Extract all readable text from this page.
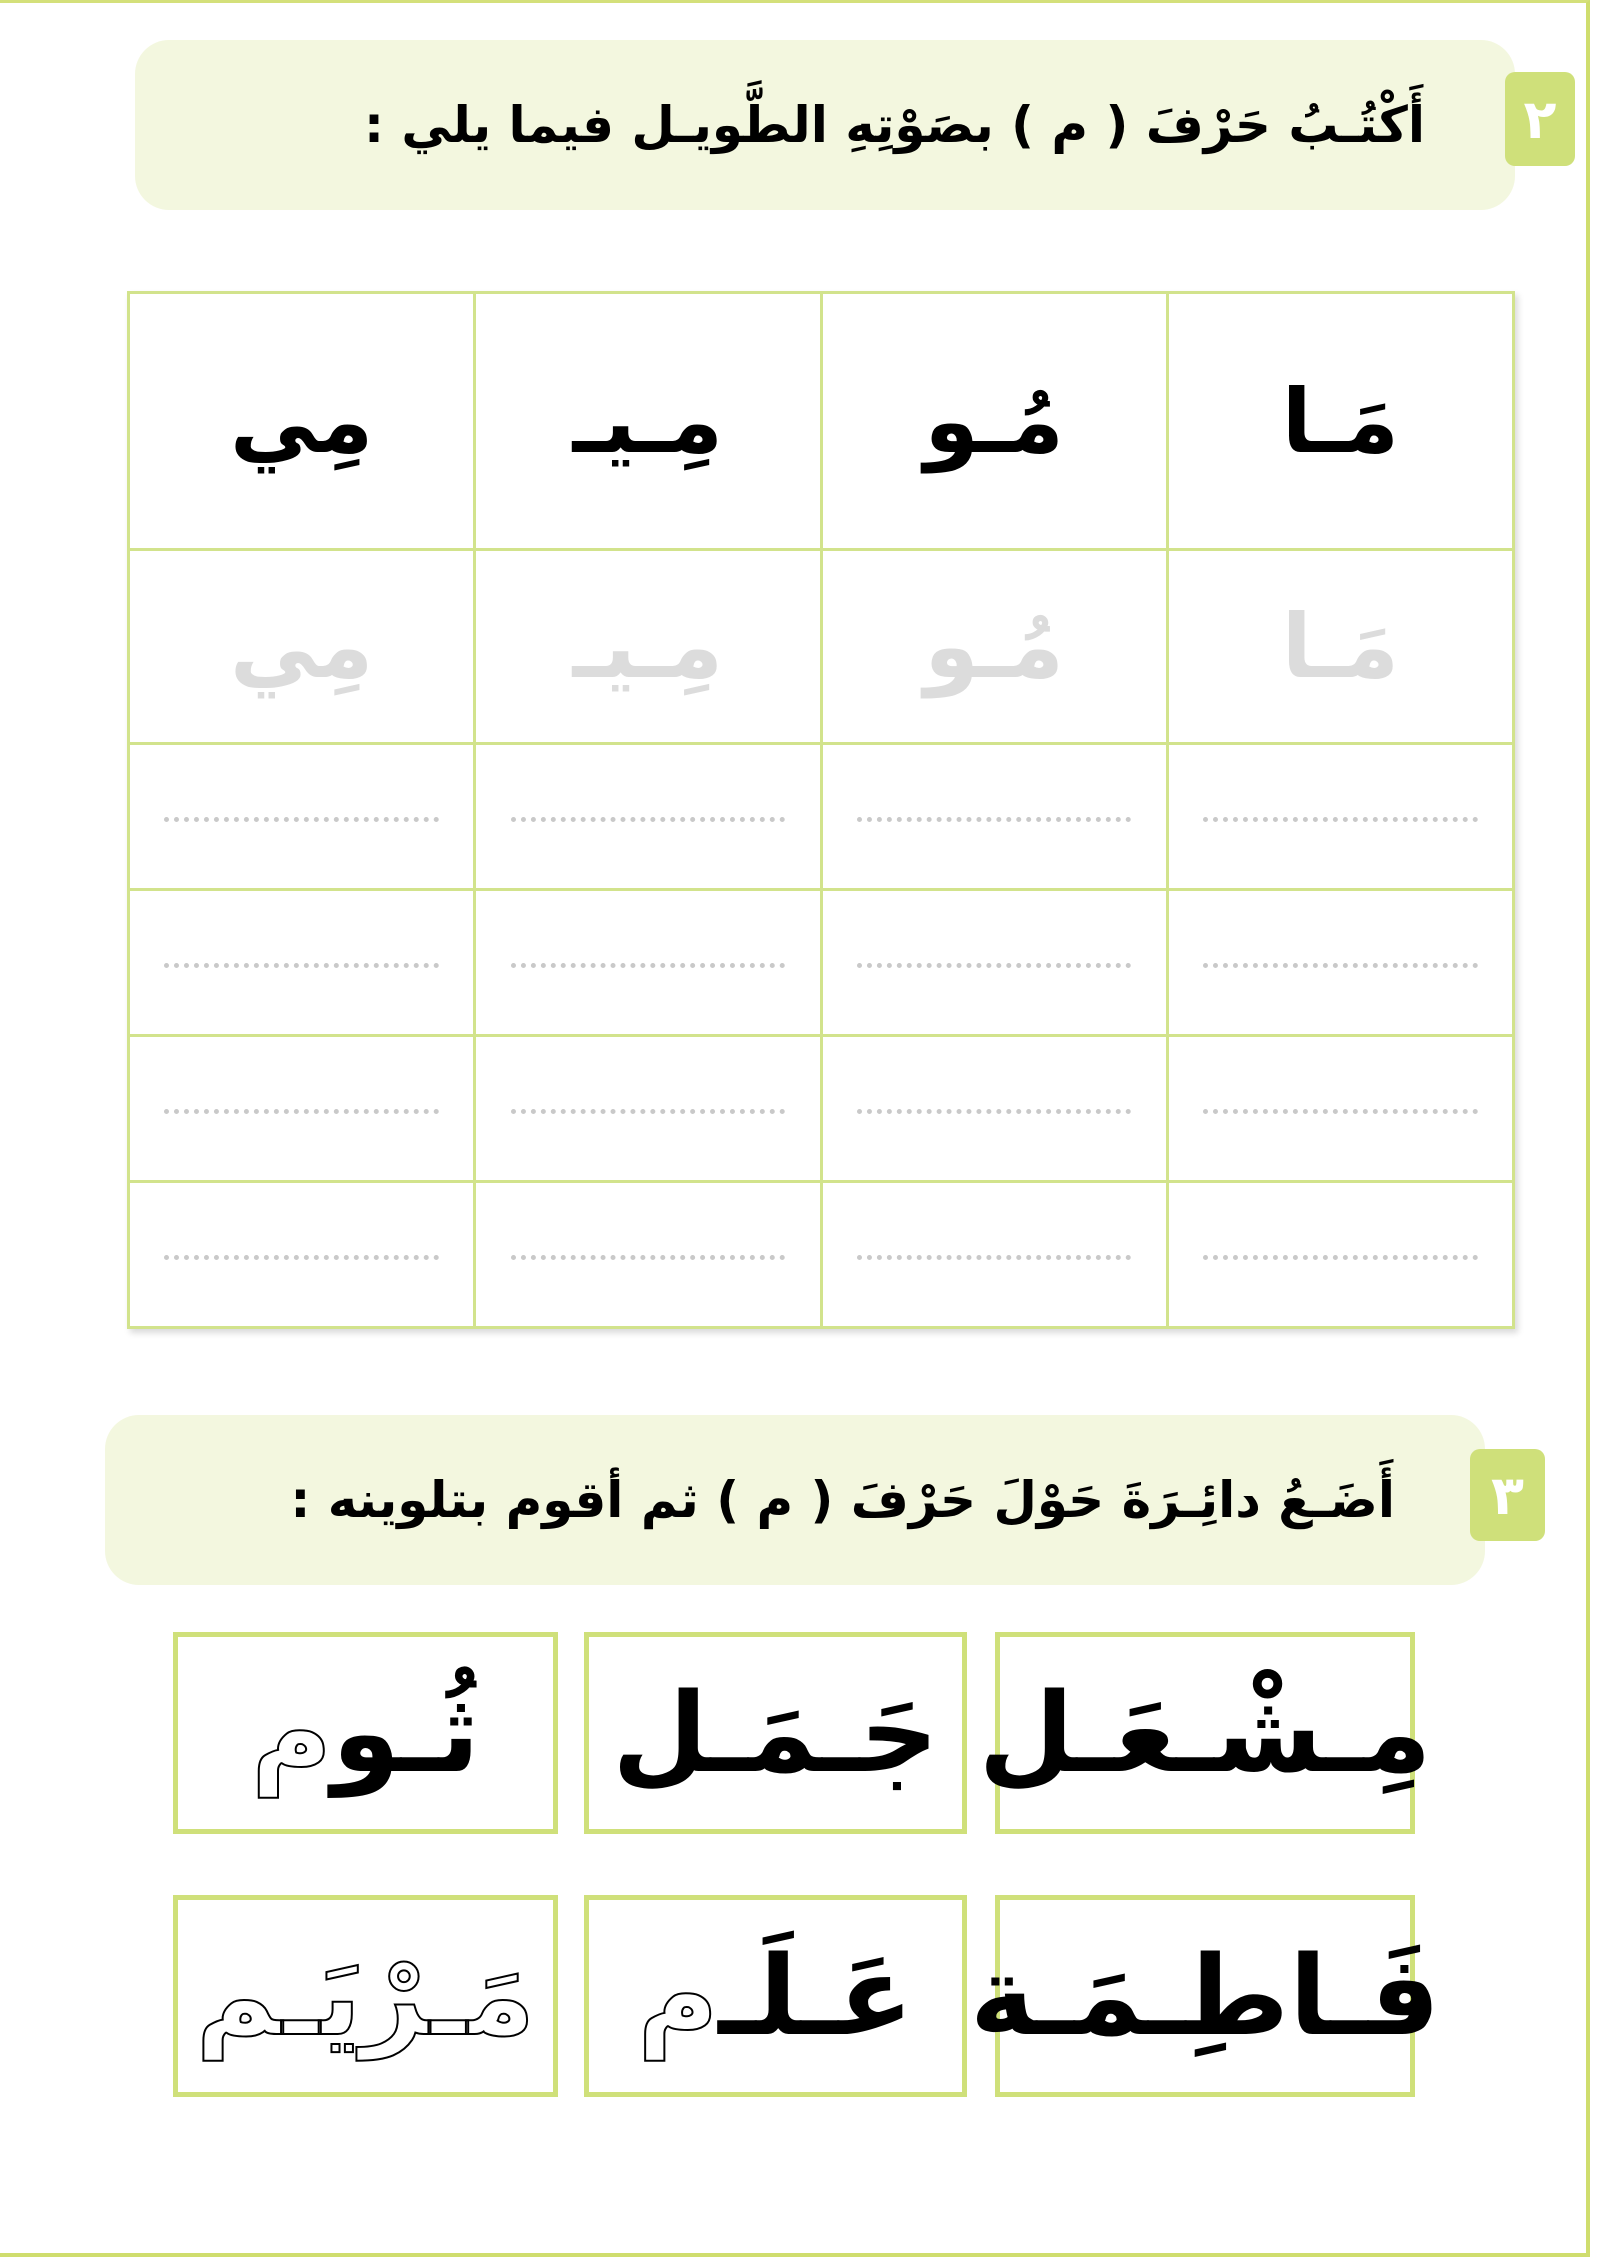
أَكْتُـبُ حَرْفَ ( م ) بصَوْتِهِ الطَّويـل فيما يلي :	٢
مَـا	مُـو	مِـيـ	مِي
مَـا	مُـو	مِـيـ	مِي

أَضَـعُ دائِـرَةَ حَوْلَ حَرْفَ ( م ) ثم أقوم بتلوينه :	٣
مِـشْـعَـل
جَـمَـل
ثُـو
م
فَـاطِـمَـة
عَـلَـ
م
مَـرْيَـم
